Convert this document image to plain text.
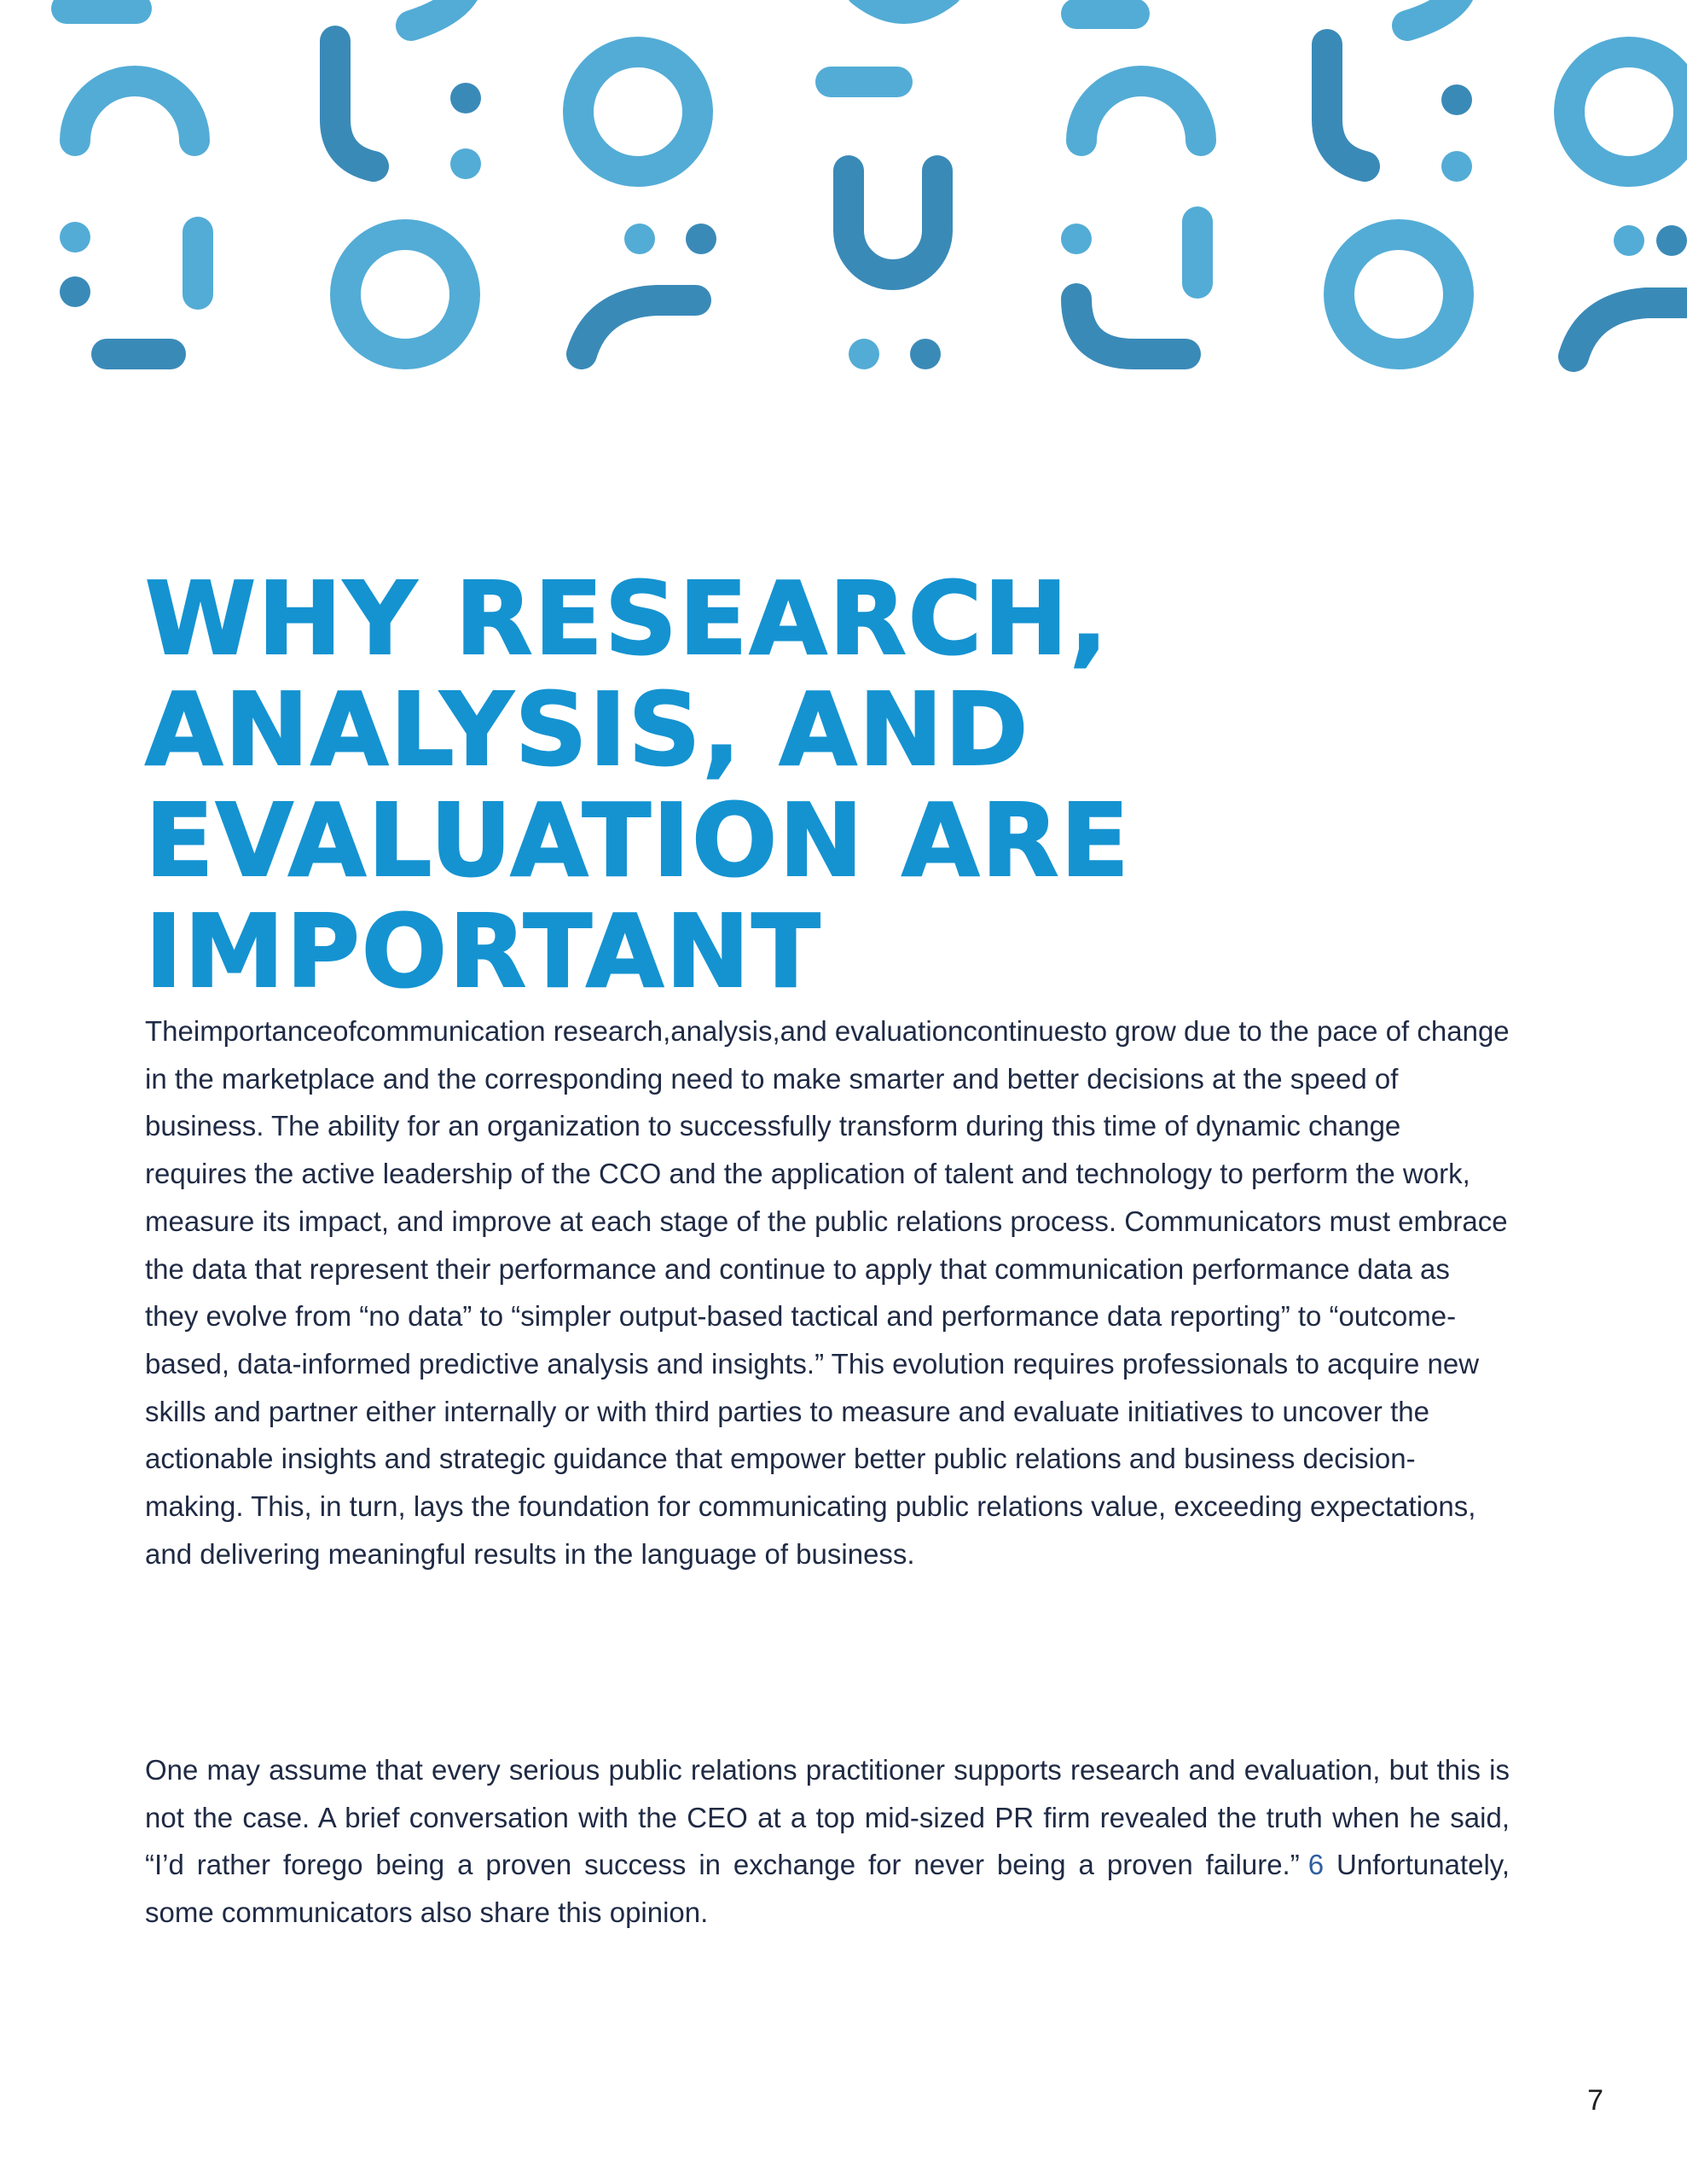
WHY RESEARCH,
ANALYSIS, AND
EVALUATION ARE
IMPORTANT

Theimportanceofcommunication research,analysis,and evaluationcontinuesto grow due to the pace of change in the marketplace and the corresponding need to make smarter and better decisions at the speed of business. The ability for an organization to successfully transform during this time of dynamic change requires the active leadership of the CCO and the application of talent and technology to perform the work, measure its impact, and improve at each stage of the public relations process. Communicators must embrace the data that represent their performance and continue to apply that communication performance data as they evolve from “no data” to “simpler output-based tactical and performance data reporting” to “outcome-based, data-informed predictive analysis and insights.” This evolution requires professionals to acquire new skills and partner either internally or with third parties to measure and evaluate initiatives to uncover the actionable insights and strategic guidance that empower better public relations and business decision-making. This, in turn, lays the foundation for communicating public relations value, exceeding expectations, and delivering meaningful results in the language of business.

One may assume that every serious public relations practitioner supports research and evaluation, but this is not the case. A brief conversation with the CEO at a top mid-sized PR firm revealed the truth when he said, “I’d rather forego being a proven success in exchange for never being a proven failure.” 6 Unfortunately, some communicators also share this opinion.

7
